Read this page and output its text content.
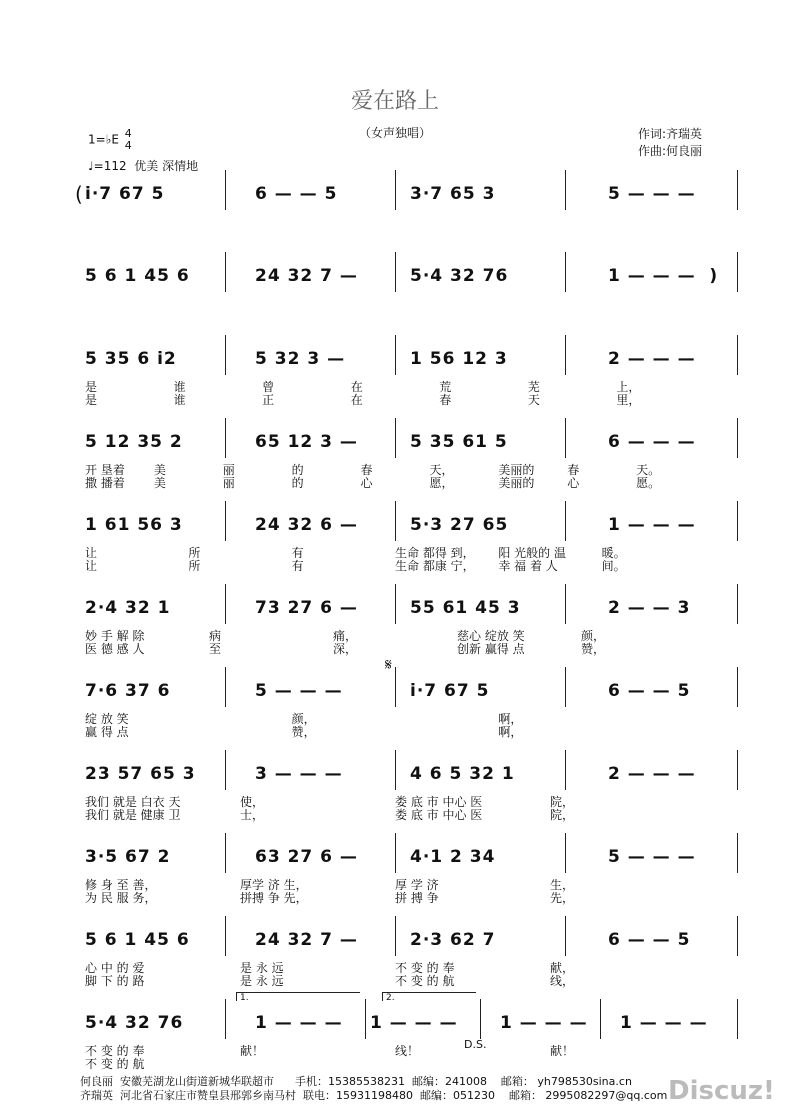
爱在路上
（女声独唱）
1=♭E 4
4
♩=112 优美 深情地
作词:齐瑞英
作曲:何良丽
i·7 67 5	6 — — 5	3·7 65 3	5 — — —
(
5 6 1 45 6	24 32 7 —	5·4 32 76	1 — — —  )
5 35 6 i2	5 32 3 —	1 56 12 3	2 — — —
是	谁	曾	在	荒	芜	上，
是	谁	正	在	春	天	里，
5 12 35 2	65 12 3 —	5 35 61 5	6 — — —
开 垦着 美	丽	的	春	天，	美丽的	春	天。
撒 播着 美	丽	的	心	愿，	美丽的	心	愿。
1 61 56 3	24 32 6 —	5·3 27 65	1 — — —
让	所	有	生命 都得 到， 阳 光般的 温	暖。
让	所	有	生命 都康 宁， 幸 福 着 人	间。
2·4 32 1	73 27 6 —	55 61 45 3	2 — — 3
妙 手 解 除	病	痛，	慈心 绽放 笑	颜，
医 德 感 人	至	深，	创新 赢得 点	赞，
7·6 37 6	5 — — —	i·7 67 5	6 — — 5
绽 放 笑	颜，	啊，
赢 得 点	赞，	啊，
23 57 65 3	3 — — —	4 6 5 32 1	2 — — —
我们 就是 白衣 天	使，	娄 底 市 中心 医	院，
我们 就是 健康 卫	士，	娄 底 市 中心 医	院，
3·5 67 2	63 27 6 —	4·1 2 34	5 — — —
修 身 至 善，	厚学 济 生，	厚 学 济	生，
为 民 服 务，	拼搏 争 先，	拼 搏 争	先，
5 6 1 45 6	24 32 7 —	2·3 62 7	6 — — 5
心 中 的 爱	是 永 远	不 变 的 奉	献，
脚 下 的 路	是 永 远	不 变 的 航	线，
5·4 32 76	1 — — — 1 — — — 1 — — — 1 — — —
不 变 的 奉	献！	线！	献！
不 变 的 航
𝄋
D.S.
1.	2.
何良丽  安徽芜湖龙山街道新城华联超市      手机：15385538231  邮编：241008    邮箱： yh798530sina.cn
齐瑞英  河北省石家庄市赞皇县邢郭乡南马村  联电：15931198480  邮编：051230    邮箱： 2995082297@qq.com Discuz!
